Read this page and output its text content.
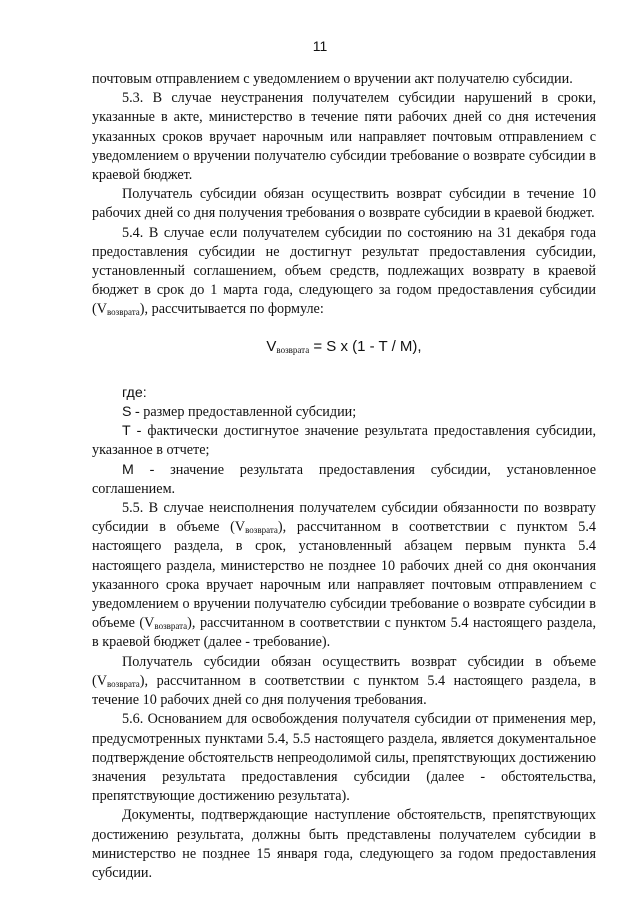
11

почтовым отправлением с уведомлением о вручении акт получателю субсидии.

5.3. В случае неустранения получателем субсидии нарушений в сроки, указанные в акте, министерство в течение пяти рабочих дней со дня истечения указанных сроков вручает нарочным или направляет почтовым отправлением с уведомлением о вручении получателю субсидии требование о возврате субсидии в краевой бюджет.

Получатель субсидии обязан осуществить возврат субсидии в течение 10 рабочих дней со дня получения требования о возврате субсидии в краевой бюджет.

5.4. В случае если получателем субсидии по состоянию на 31 декабря года предоставления субсидии не достигнут результат предоставления субсидии, установленный соглашением, объем средств, подлежащих возврату в краевой бюджет в срок до 1 марта года, следующего за годом предоставления субсидии $(V_{возврата})$, рассчитывается по формуле:

$V_{возврата} = S$ x (1 - T / M),

где:

S - размер предоставленной субсидии;

T - фактически достигнутое значение результата предоставления субсидии, указанное в отчете;

M - значение результата предоставления субсидии, установленное соглашением.

5.5. В случае неисполнения получателем субсидии обязанности по возврату субсидии в объеме $(V_{возврата})$, рассчитанном в соответствии с пунктом 5.4 настоящего раздела, в срок, установленный абзацем первым пункта 5.4 настоящего раздела, министерство не позднее 10 рабочих дней со дня окончания указанного срока вручает нарочным или направляет почтовым отправлением с уведомлением о вручении получателю субсидии требование о возврате субсидии в объеме $(V_{возврата})$, рассчитанном в соответствии с пунктом 5.4 настоящего раздела, в краевой бюджет (далее - требование).

Получатель субсидии обязан осуществить возврат субсидии в объеме $(V_{возврата})$, рассчитанном в соответствии с пунктом 5.4 настоящего раздела, в течение 10 рабочих дней со дня получения требования.

5.6. Основанием для освобождения получателя субсидии от применения мер, предусмотренных пунктами 5.4, 5.5 настоящего раздела, является документальное подтверждение обстоятельств непреодолимой силы, препятствующих достижению значения результата предоставления субсидии (далее - обстоятельства, препятствующие достижению результата).

Документы, подтверждающие наступление обстоятельств, препятствующих достижению результата, должны быть представлены получателем субсидии в министерство не позднее 15 января года, следующего за годом предоставления субсидии.
